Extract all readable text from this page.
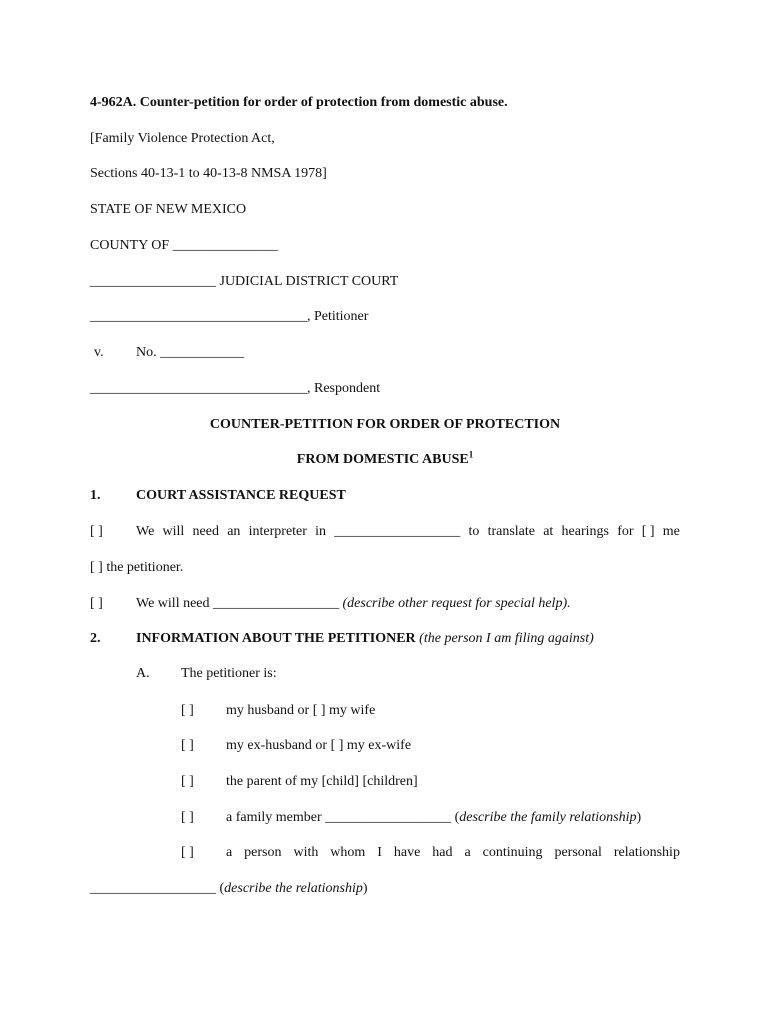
4-962A. Counter-petition for order of protection from domestic abuse.
[Family Violence Protection Act,
Sections 40-13-1 to 40-13-8 NMSA 1978]
STATE OF NEW MEXICO
COUNTY OF _______________
__________________ JUDICIAL DISTRICT COURT
_______________________________, Petitioner
v. No. ____________
_______________________________, Respondent
COUNTER-PETITION FOR ORDER OF PROTECTION
FROM DOMESTIC ABUSE$^1$
1.	COURT ASSISTANCE REQUEST
[ ] We will need an interpreter in __________________ to translate at hearings for [ ] me
[ ] the petitioner.
[ ] We will need __________________ (describe other request for special help).
2.	INFORMATION ABOUT THE PETITIONER (the person I am filing against)
A. The petitioner is:
[ ] my husband or [ ] my wife
[ ] my ex-husband or [ ] my ex-wife
[ ] the parent of my [child] [children]
[ ] a family member __________________ (describe the family relationship)
[ ] a person with whom I have had a continuing personal relationship
__________________ (describe the relationship)
